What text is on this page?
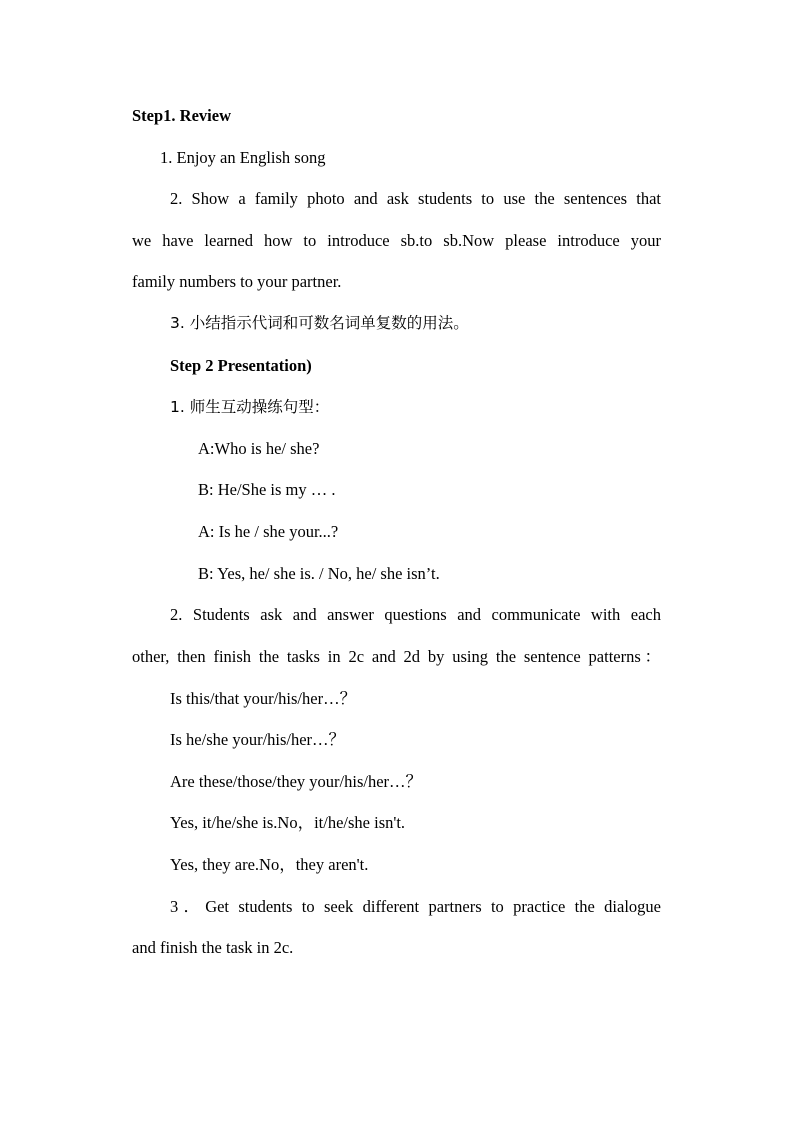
Step1. Review
1. Enjoy an English song
2. Show a family photo and ask students to use the sentences that
we have learned how to introduce sb.to sb.Now please introduce your
family numbers to your partner.
3. 小结指示代词和可数名词单复数的用法。
Step 2 Presentation)
1. 师生互动操练句型：
A:Who is he/ she?
B: He/She is my … .
A: Is he / she your...?
B: Yes, he/ she is. / No, he/ she isn’t.
2. Students ask and answer questions and communicate with each
other, then finish the tasks in 2c and 2d by using the sentence patterns：
Is this/that your/his/her…？
Is he/she your/his/her…？
Are these/those/they your/his/her…？
Yes, it/he/she is.No，it/he/she isn't.
Yes, they are.No，they aren't.
3．Get students to seek different partners to practice the dialogue
and finish the task in 2c.
